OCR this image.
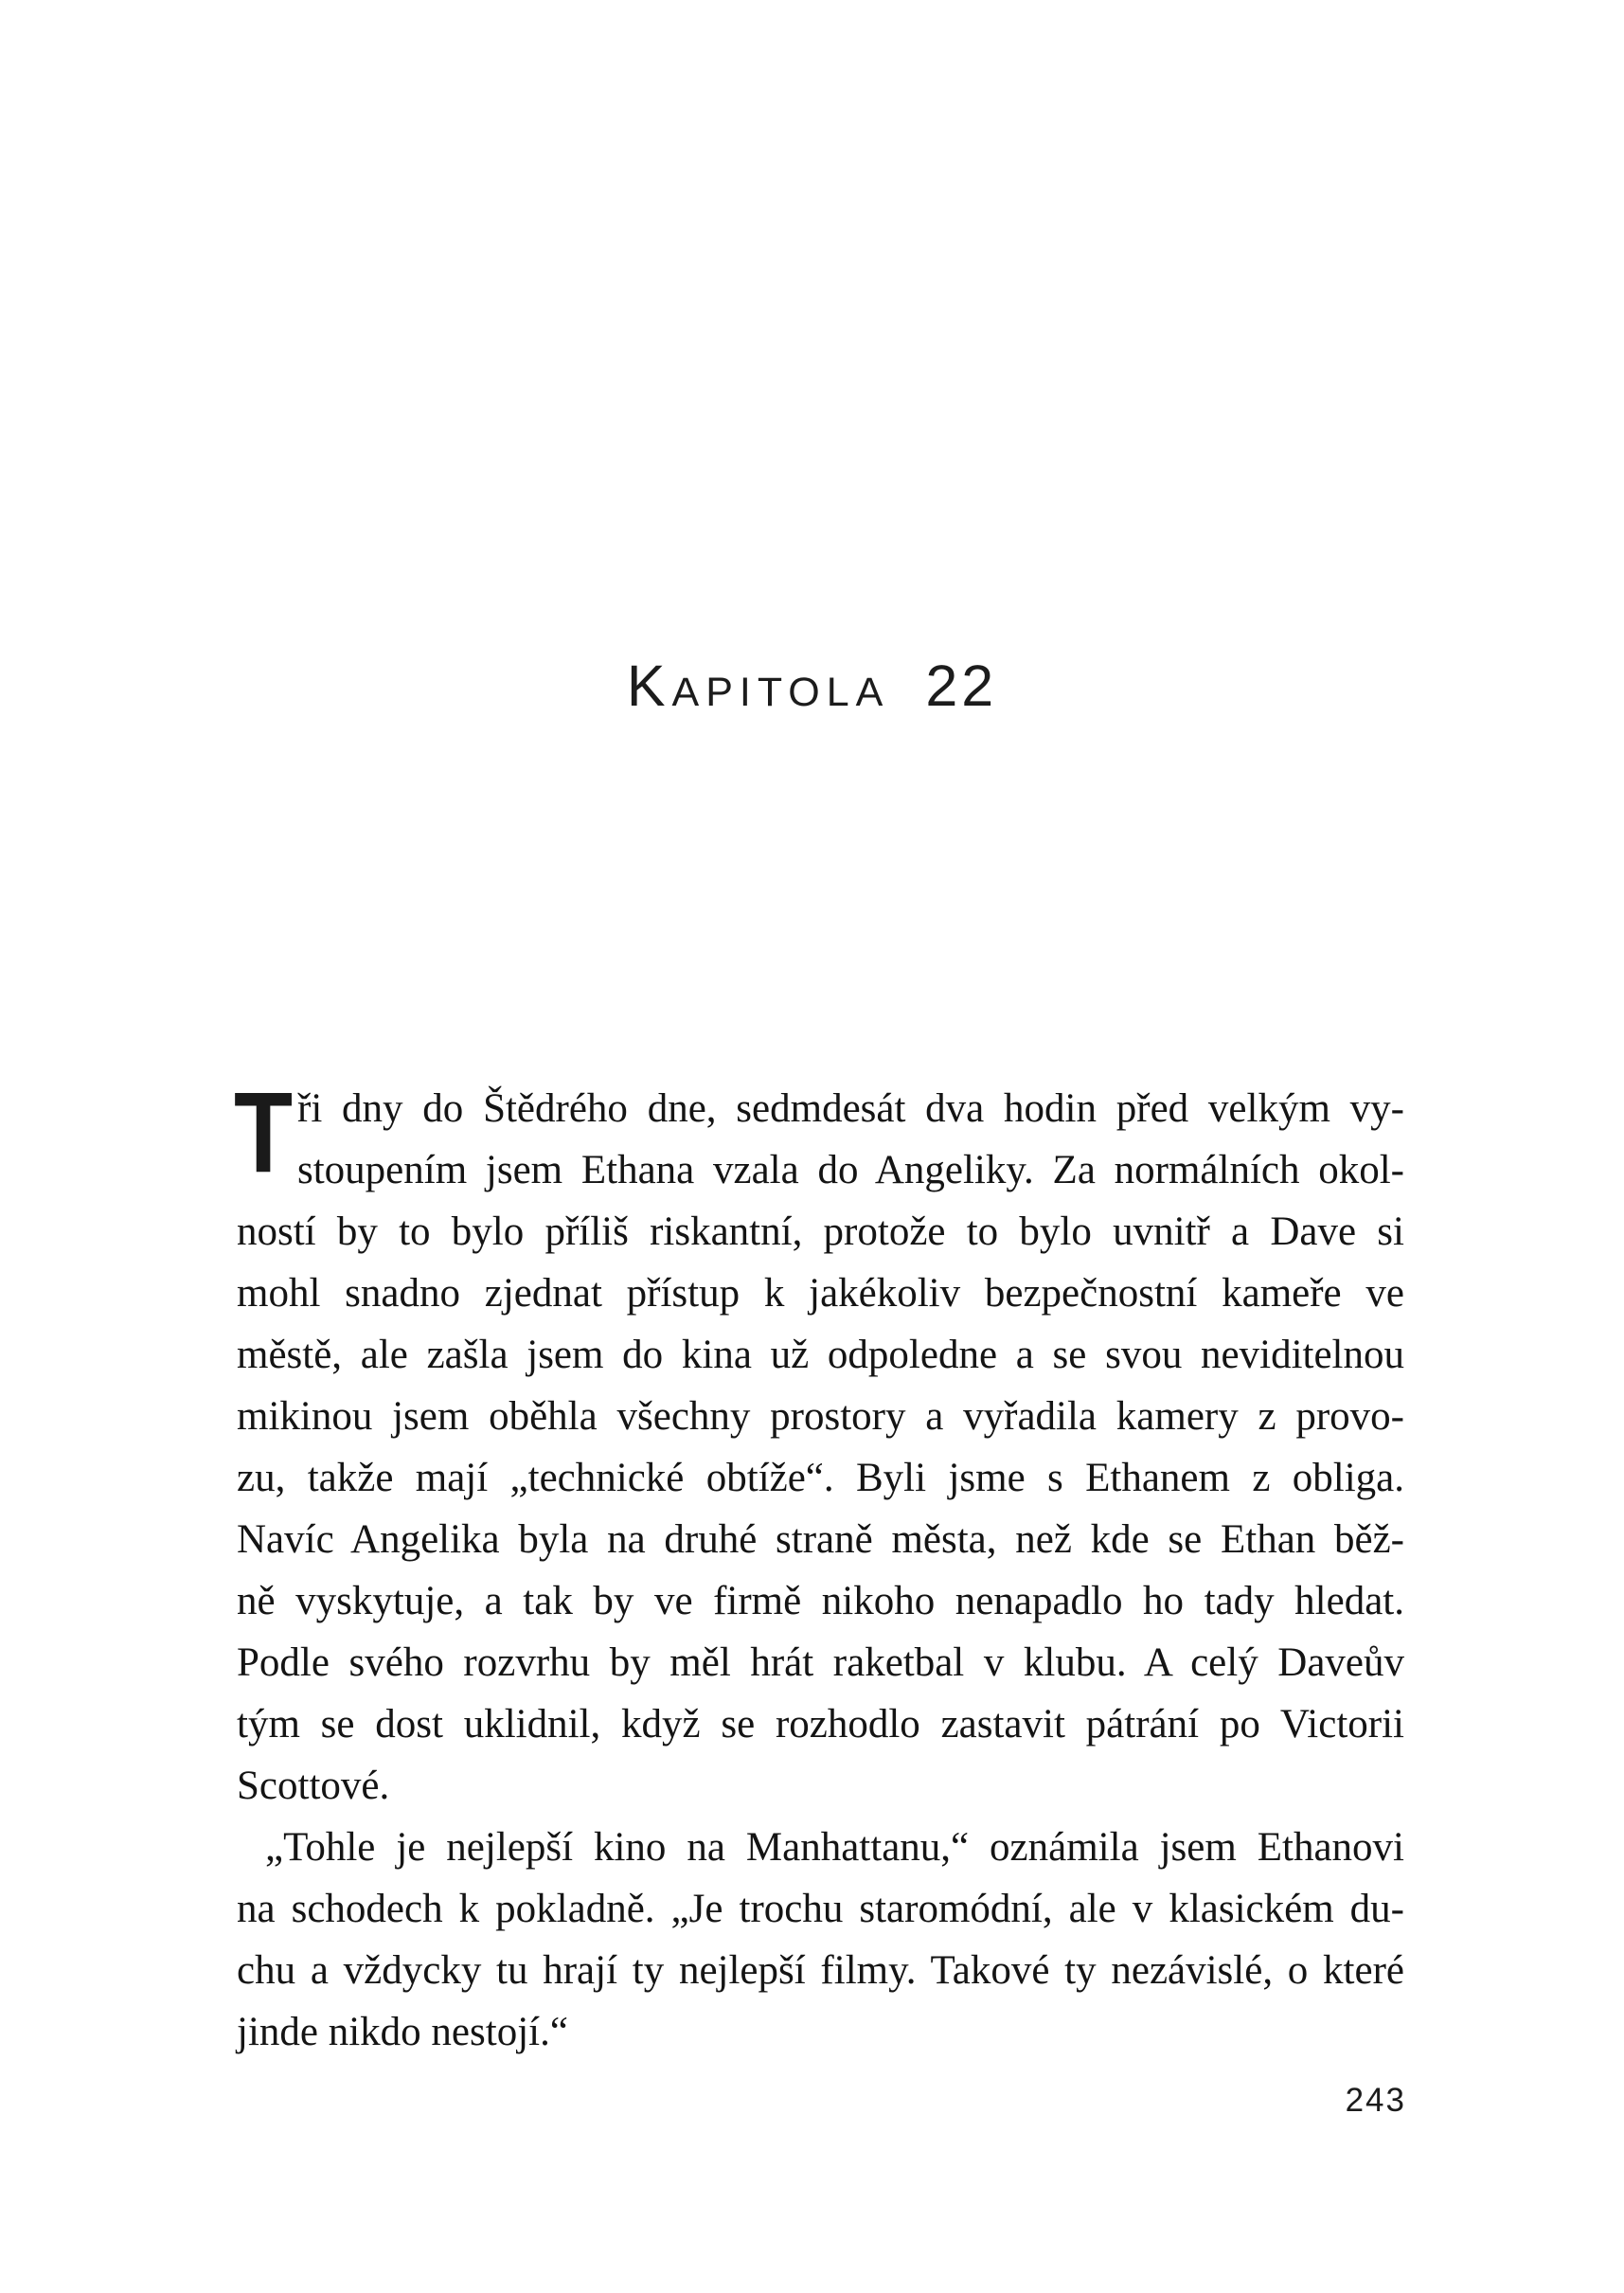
Kapitola 22
T ři dny do Štědrého dne, sedmdesát dva hodin před velkým vy-
stoupením jsem Ethana vzala do Angeliky. Za normálních okol-
ností by to bylo příliš riskantní, protože to bylo uvnitř a Dave si
mohl snadno zjednat přístup k jakékoliv bezpečnostní kameře ve
městě, ale zašla jsem do kina už odpoledne a se svou neviditelnou
mikinou jsem oběhla všechny prostory a vyřadila kamery z provo-
zu, takže mají „technické obtíže“. Byli jsme s Ethanem z obliga.
Navíc Angelika byla na druhé straně města, než kde se Ethan běž-
ně vyskytuje, a tak by ve firmě nikoho nenapadlo ho tady hledat.
Podle svého rozvrhu by měl hrát raketbal v klubu. A celý Daveův
tým se dost uklidnil, když se rozhodlo zastavit pátrání po Victorii
Scottové.
„Tohle je nejlepší kino na Manhattanu,“ oznámila jsem Ethanovi
na schodech k pokladně. „Je trochu staromódní, ale v klasickém du-
chu a vždycky tu hrají ty nejlepší filmy. Takové ty nezávislé, o které
jinde nikdo nestojí.“
243
